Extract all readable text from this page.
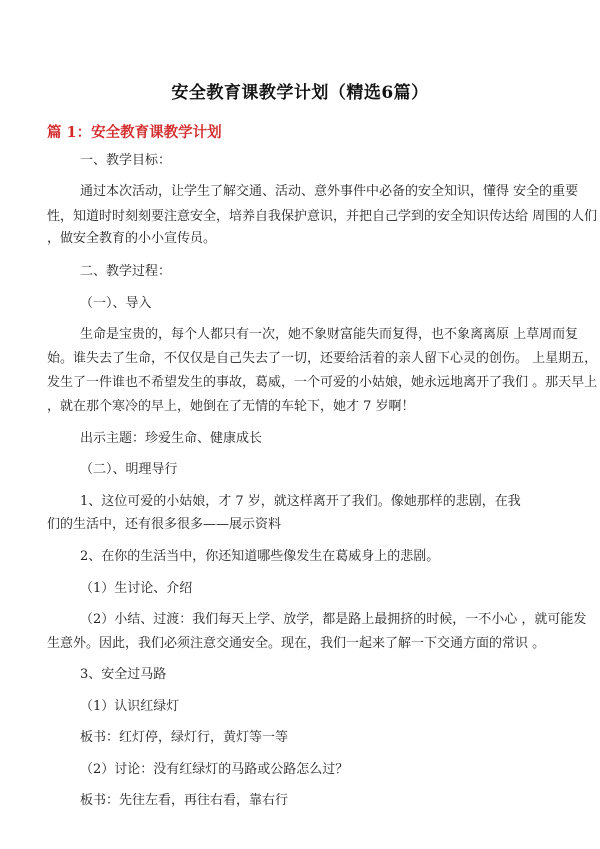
安全教育课教学计划（精选6篇）
篇 1：安全教育课教学计划
一、教学目标：
通过本次活动，让学生了解交通、活动、意外事件中必备的安全知识，懂得 安全的重要
性，知道时时刻刻要注意安全，培养自我保护意识，并把自己学到的安全知识传达给 周围的人们
，做安全教育的小小宣传员。
二、教学过程：
（一）、导入
生命是宝贵的，每个人都只有一次，她不象财富能失而复得，也不象离离原 上草周而复
始。谁失去了生命，不仅仅是自己失去了一切，还要给活着的亲人留下心灵的创伤。 上星期五，
发生了一件谁也不希望发生的事故，葛威，一个可爱的小姑娘，她永远地离开了我们 。那天早上
，就在那个寒冷的早上，她倒在了无情的车轮下，她才 7 岁啊！
出示主题：珍爱生命、健康成长
（二）、明理导行
1、这位可爱的小姑娘，才 7 岁，就这样离开了我们。像她那样的悲剧，在我
们的生活中，还有很多很多——展示资料
2、在你的生活当中，你还知道哪些像发生在葛威身上的悲剧。
（1）生讨论、介绍
（2）小结、过渡：我们每天上学、放学，都是路上最拥挤的时候，一不小心 ，就可能发
生意外。因此，我们必须注意交通安全。现在，我们一起来了解一下交通方面的常识 。
3、安全过马路
（1）认识红绿灯
板书：红灯停，绿灯行，黄灯等一等
（2）讨论：没有红绿灯的马路或公路怎么过？
板书：先往左看，再往右看，靠右行
